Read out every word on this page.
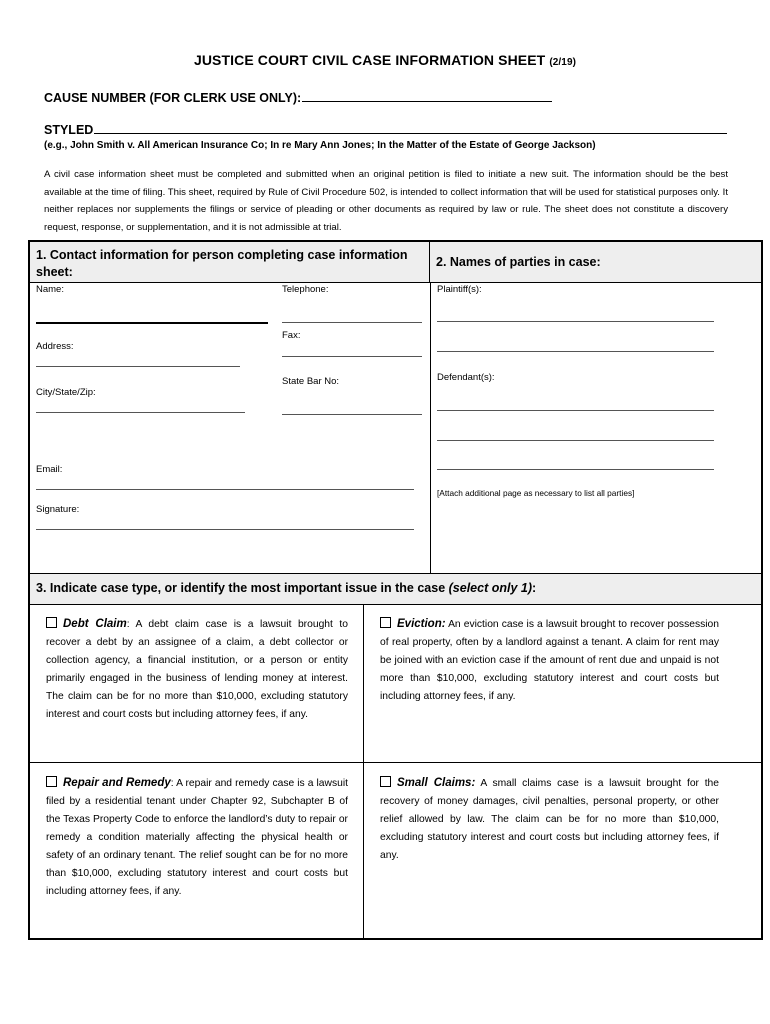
JUSTICE COURT CIVIL CASE INFORMATION SHEET (2/19)
CAUSE NUMBER (FOR CLERK USE ONLY):
STYLED
(e.g., John Smith v. All American Insurance Co; In re Mary Ann Jones; In the Matter of the Estate of George Jackson)
A civil case information sheet must be completed and submitted when an original petition is filed to initiate a new suit. The information should be the best available at the time of filing. This sheet, required by Rule of Civil Procedure 502, is intended to collect information that will be used for statistical purposes only. It neither replaces nor supplements the filings or service of pleading or other documents as required by law or rule. The sheet does not constitute a discovery request, response, or supplementation, and it is not admissible at trial.
1. Contact information for person completing case information sheet:
2. Names of parties in case:
Name:	Telephone:
Fax:
Address:
State Bar No:
City/State/Zip:
Email:
Signature:
Plaintiff(s):
Defendant(s):
[Attach additional page as necessary to list all parties]
3. Indicate case type, or identify the most important issue in the case (select only 1):
Debt Claim: A debt claim case is a lawsuit brought to recover a debt by an assignee of a claim, a debt collector or collection agency, a financial institution, or a person or entity primarily engaged in the business of lending money at interest. The claim can be for no more than $10,000, excluding statutory interest and court costs but including attorney fees, if any.
Eviction: An eviction case is a lawsuit brought to recover possession of real property, often by a landlord against a tenant. A claim for rent may be joined with an eviction case if the amount of rent due and unpaid is not more than $10,000, excluding statutory interest and court costs but including attorney fees, if any.
Repair and Remedy: A repair and remedy case is a lawsuit filed by a residential tenant under Chapter 92, Subchapter B of the Texas Property Code to enforce the landlord’s duty to repair or remedy a condition materially affecting the physical health or safety of an ordinary tenant. The relief sought can be for no more than $10,000, excluding statutory interest and court costs but including attorney fees, if any.
Small Claims: A small claims case is a lawsuit brought for the recovery of money damages, civil penalties, personal property, or other relief allowed by law. The claim can be for no more than $10,000, excluding statutory interest and court costs but including attorney fees, if any.
